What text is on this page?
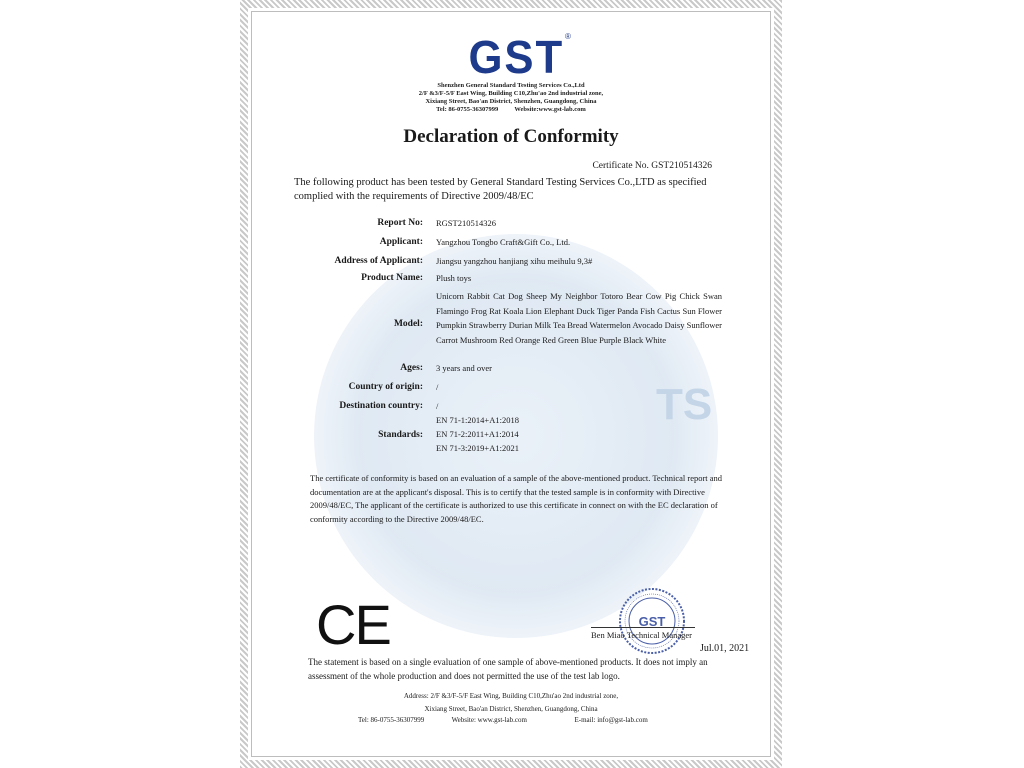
TS
GST ®
Shenzhen General Standard Testing Services Co.,Ltd
2/F &3/F-5/F East Wing, Building C10,Zhu'ao 2nd industrial zone,
Xixiang Street, Bao'an District, Shenzhen, Guangdong, China
Tel: 86-0755-36307999          Website:www.gst-lab.com
Declaration of Conformity
Certificate No. GST210514326
The following product has been tested by General Standard Testing Services Co.,LTD as specified complied with the requirements of Directive 2009/48/EC
Report No: RGST210514326
Applicant: Yangzhou Tongbo Craft&Gift Co., Ltd.
Address of Applicant: Jiangsu yangzhou hanjiang xihu meihulu 9,3#
Product Name: Plush toys
Model:
Unicorn Rabbit Cat Dog Sheep My Neighbor Totoro Bear Cow Pig Chick Swan Flamingo Frog Rat Koala Lion Elephant Duck Tiger Panda Fish Cactus Sun Flower Pumpkin Strawberry Durian Milk Tea Bread Watermelon Avocado Daisy Sunflower Carrot Mushroom Red Orange Red Green Blue Purple Black White
Ages: 3 years and over
Country of origin: /
Destination country: /
Standards:
EN 71-1:2014+A1:2018
EN 71-2:2011+A1:2014
EN 71-3:2019+A1:2021
The certificate of conformity is based on an evaluation of a sample of the above-mentioned product. Technical report and documentation are at the applicant's disposal. This is to certify that the tested sample is in conformity with Directive 2009/48/EC, The applicant of the certificate is authorized to use this certificate in connect on with the EC declaration of conformity according to the Directive 2009/48/EC.
CE	GST
Ben Miao Technical Manager
Jul.01, 2021
The statement is based on a single evaluation of one sample of above-mentioned products. It does not imply an assessment of the whole production and does not permitted the use of the test lab logo.
Address: 2/F &3/F-5/F East Wing, Building C10,Zhu'ao 2nd industrial zone,
Xixiang Street, Bao'an District, Shenzhen, Guangdong, China
Tel: 86-0755-36307999	Website: www.gst-lab.com	E-mail: info@gst-lab.com
